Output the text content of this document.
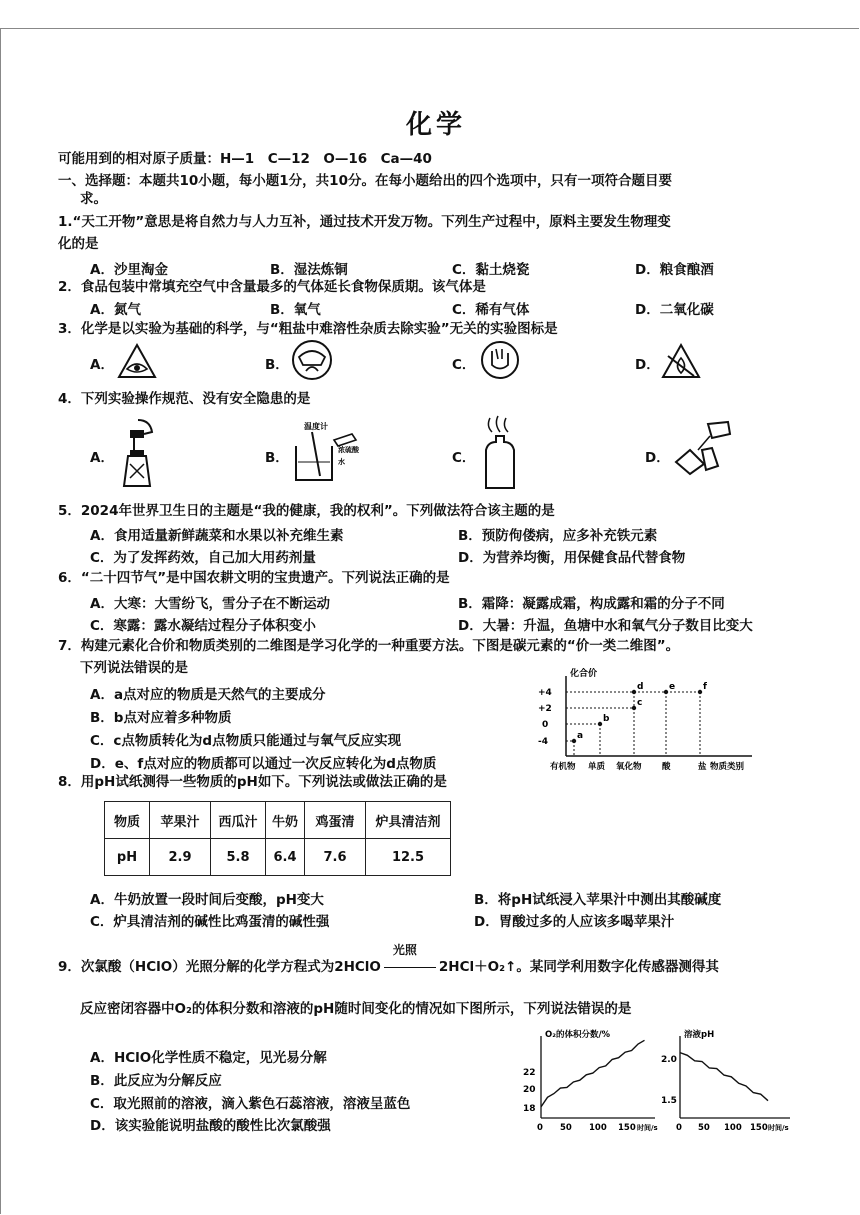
化学
可能用到的相对原子质量：H—1　C—12　O—16　Ca—40
一、选择题：本题共10小题，每小题1分，共10分。在每小题给出的四个选项中，只有一项符合题目要
求。
1.“天工开物”意思是将自然力与人力互补，通过技术开发万物。下列生产过程中，原料主要发生物理变
化的是
A．沙里淘金	B．湿法炼铜	C．黏土烧瓷	D．粮食酿酒
2．食品包装中常填充空气中含量最多的气体延长食物保质期。该气体是
A．氮气	B．氧气	C．稀有气体	D．二氧化碳
3．化学是以实验为基础的科学，与“粗盐中难溶性杂质去除实验”无关的实验图标是
A．	B．	C．	D．
4．下列实验操作规范、没有安全隐患的是
A．	B．
温度计
浓硫酸
水	C．	D．
5．2024年世界卫生日的主题是“我的健康，我的权利”。下列做法符合该主题的是
A．食用适量新鲜蔬菜和水果以补充维生素	B．预防佝偻病，应多补充铁元素
C．为了发挥药效，自己加大用药剂量	D．为营养均衡，用保健食品代替食物
6．“二十四节气”是中国农耕文明的宝贵遗产。下列说法正确的是
A．大寒：大雪纷飞，雪分子在不断运动	B．霜降：凝露成霜，构成露和霜的分子不同
C．寒露：露水凝结过程分子体积变小	D．大暑：升温，鱼塘中水和氧气分子数目比变大
7．构建元素化合价和物质类别的二维图是学习化学的一种重要方法。下图是碳元素的“价一类二维图”。
下列说法错误的是
A．a点对应的物质是天然气的主要成分
B．b点对应着多种物质
C．c点物质转化为d点物质只能通过与氧气反应实现
D．e、f点对应的物质都可以通过一次反应转化为d点物质
化合价
+4
+2
0
-4
有机物 单质 氧化物 酸	盐 物质类别
a
b
c
d	e	f
8．用pH试纸测得一些物质的pH如下。下列说法或做法正确的是
物质	苹果汁	西瓜汁	牛奶	鸡蛋清	炉具清洁剂
pH	2.9	5.8	6.4	7.6	12.5
A．牛奶放置一段时间后变酸，pH变大	B．将pH试纸浸入苹果汁中测出其酸碱度
C．炉具清洁剂的碱性比鸡蛋清的碱性强	D．胃酸过多的人应该多喝苹果汁
9．次氯酸（HClO）光照分解的化学方程式为2HClO
光照
2HCl＋O₂↑。某同学利用数字化传感器测得其
反应密闭容器中O₂的体积分数和溶液的pH随时间变化的情况如下图所示，下列说法错误的是
A．HClO化学性质不稳定，见光易分解
B．此反应为分解反应
C．取光照前的溶液，滴入紫色石蕊溶液，溶液呈蓝色
D．该实验能说明盐酸的酸性比次氯酸强
O₂的体积分数/%
22
20
18
0 50 100 150 时间/s
溶液pH
2.0
1.5
0 50 100 150 时间/s
